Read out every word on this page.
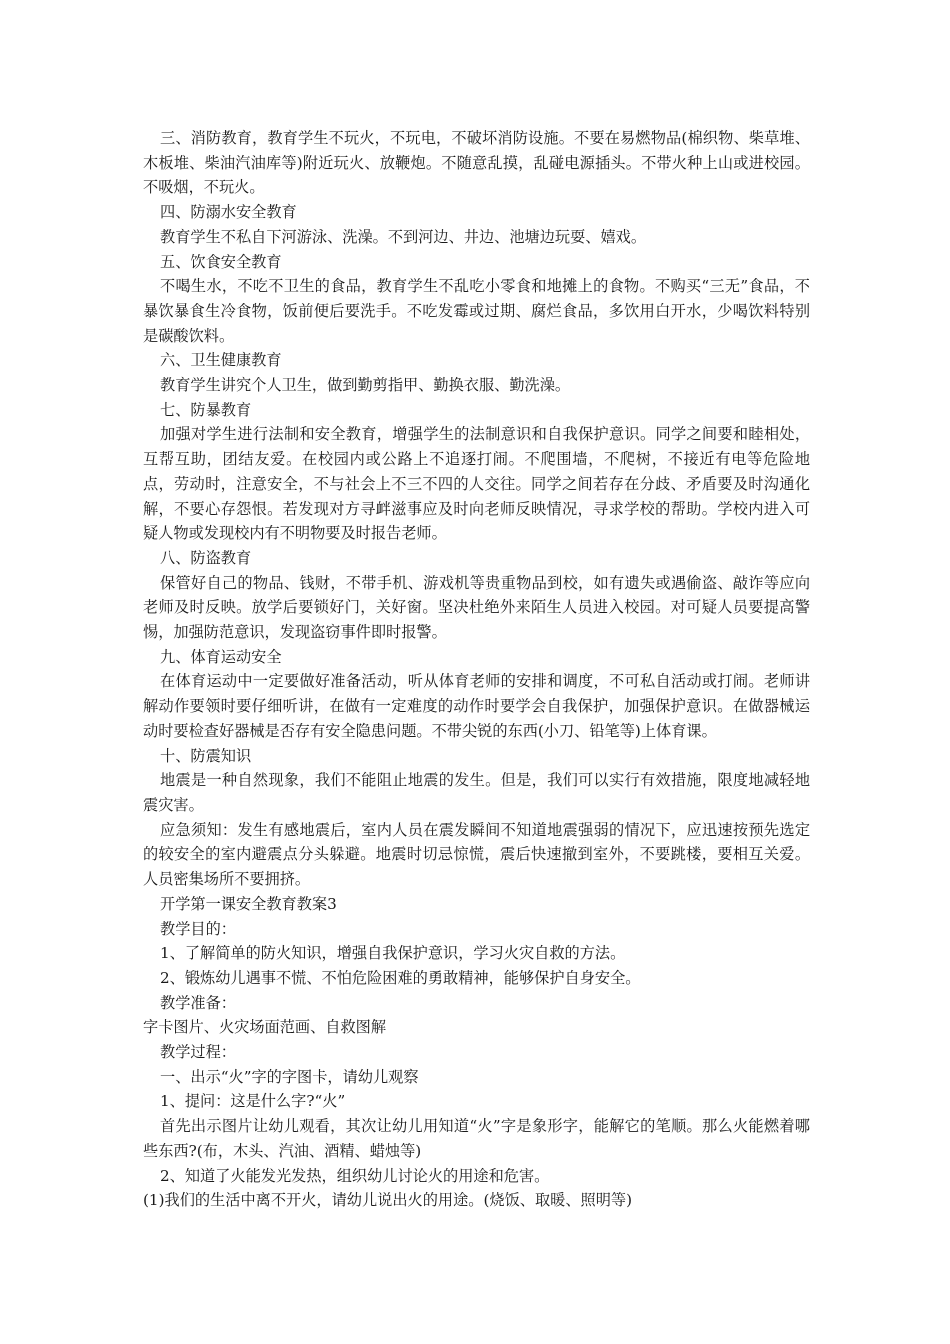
三、消防教育，教育学生不玩火，不玩电，不破坏消防设施。不要在易燃物品(棉织物、柴草堆、木板堆、柴油汽油库等)附近玩火、放鞭炮。不随意乱摸，乱碰电源插头。不带火种上山或进校园。不吸烟，不玩火。

四、防溺水安全教育

教育学生不私自下河游泳、洗澡。不到河边、井边、池塘边玩耍、嬉戏。

五、饮食安全教育

不喝生水，不吃不卫生的食品，教育学生不乱吃小零食和地摊上的食物。不购买“三无”食品，不暴饮暴食生冷食物，饭前便后要洗手。不吃发霉或过期、腐烂食品，多饮用白开水，少喝饮料特别是碳酸饮料。

六、卫生健康教育

教育学生讲究个人卫生，做到勤剪指甲、勤换衣服、勤洗澡。

七、防暴教育

加强对学生进行法制和安全教育，增强学生的法制意识和自我保护意识。同学之间要和睦相处，互帮互助，团结友爱。在校园内或公路上不追逐打闹。不爬围墙，不爬树，不接近有电等危险地点，劳动时，注意安全，不与社会上不三不四的人交往。同学之间若存在分歧、矛盾要及时沟通化解，不要心存怨恨。若发现对方寻衅滋事应及时向老师反映情况，寻求学校的帮助。学校内进入可疑人物或发现校内有不明物要及时报告老师。

八、防盗教育

保管好自己的物品、钱财，不带手机、游戏机等贵重物品到校，如有遗失或遇偷盗、敲诈等应向老师及时反映。放学后要锁好门，关好窗。坚决杜绝外来陌生人员进入校园。对可疑人员要提高警惕，加强防范意识，发现盗窃事件即时报警。

九、体育运动安全

在体育运动中一定要做好准备活动，听从体育老师的安排和调度，不可私自活动或打闹。老师讲解动作要领时要仔细听讲，在做有一定难度的动作时要学会自我保护，加强保护意识。在做器械运动时要检查好器械是否存有安全隐患问题。不带尖锐的东西(小刀、铅笔等)上体育课。

十、防震知识

地震是一种自然现象，我们不能阻止地震的发生。但是，我们可以实行有效措施，限度地减轻地震灾害。

应急须知：发生有感地震后，室内人员在震发瞬间不知道地震强弱的情况下，应迅速按预先选定的较安全的室内避震点分头躲避。地震时切忌惊慌，震后快速撤到室外，不要跳楼，要相互关爱。人员密集场所不要拥挤。

开学第一课安全教育教案3

教学目的：

1、了解简单的防火知识，增强自我保护意识，学习火灾自救的方法。

2、锻炼幼儿遇事不慌、不怕危险困难的勇敢精神，能够保护自身安全。

教学准备：

字卡图片、火灾场面范画、自救图解

教学过程：

一、出示“火”字的字图卡，请幼儿观察

1、提问：这是什么字?“火”

首先出示图片让幼儿观看，其次让幼儿用知道“火”字是象形字，能解它的笔顺。那么火能燃着哪些东西?(布，木头、汽油、酒精、蜡烛等)

2、知道了火能发光发热，组织幼儿讨论火的用途和危害。

(1)我们的生活中离不开火，请幼儿说出火的用途。(烧饭、取暖、照明等)
